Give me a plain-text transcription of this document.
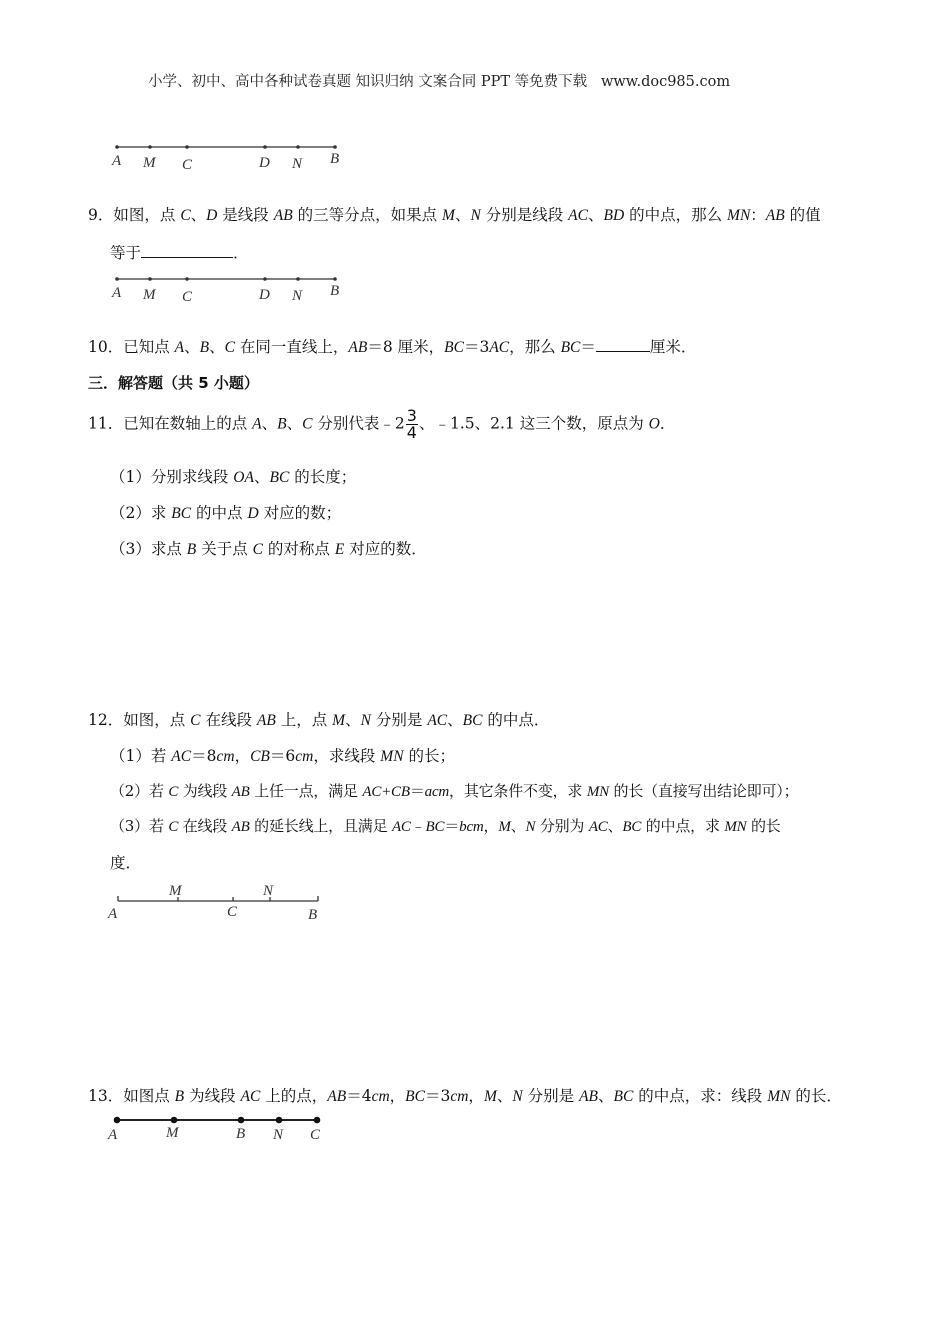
小学、初中、高中各种试卷真题 知识归纳 文案合同 PPT 等免费下载 www.doc985.com
A M C	D N B
9．如图，点 C、D 是线段 AB 的三等分点，如果点 M、N 分别是线段 AC、BD 的中点，那么 MN：AB 的值
等于	．
A M C	D N B
10．已知点 A、B、C 在同一直线上，AB＝8 厘米，BC＝3AC，那么 BC＝	厘米．
三．解答题（共 5 小题）
11．已知在数轴上的点 A、B、C 分别代表﹣2 $\frac{3}{4}$ 、﹣1.5、2.1 这三个数，原点为 O．
（1）分别求线段 OA、BC 的长度；
（2）求 BC 的中点 D 对应的数；
（3）求点 B 关于点 C 的对称点 E 对应的数．
12．如图，点 C 在线段 AB 上，点 M、N 分别是 AC、BC 的中点．
（1）若 AC＝8cm，CB＝6cm，求线段 MN 的长；
（2）若 C 为线段 AB 上任一点，满足 AC+CB＝acm，其它条件不变，求 MN 的长（直接写出结论即可）；
（3）若 C 在线段 AB 的延长线上，且满足 AC﹣BC＝bcm，M、N 分别为 AC、BC 的中点，求 MN 的长
度．
A
M
C
N
B
13．如图点 B 为线段 AC 上的点，AB＝4cm，BC＝3cm，M、N 分别是 AB、BC 的中点，求：线段 MN 的长．
A	M	B N C
